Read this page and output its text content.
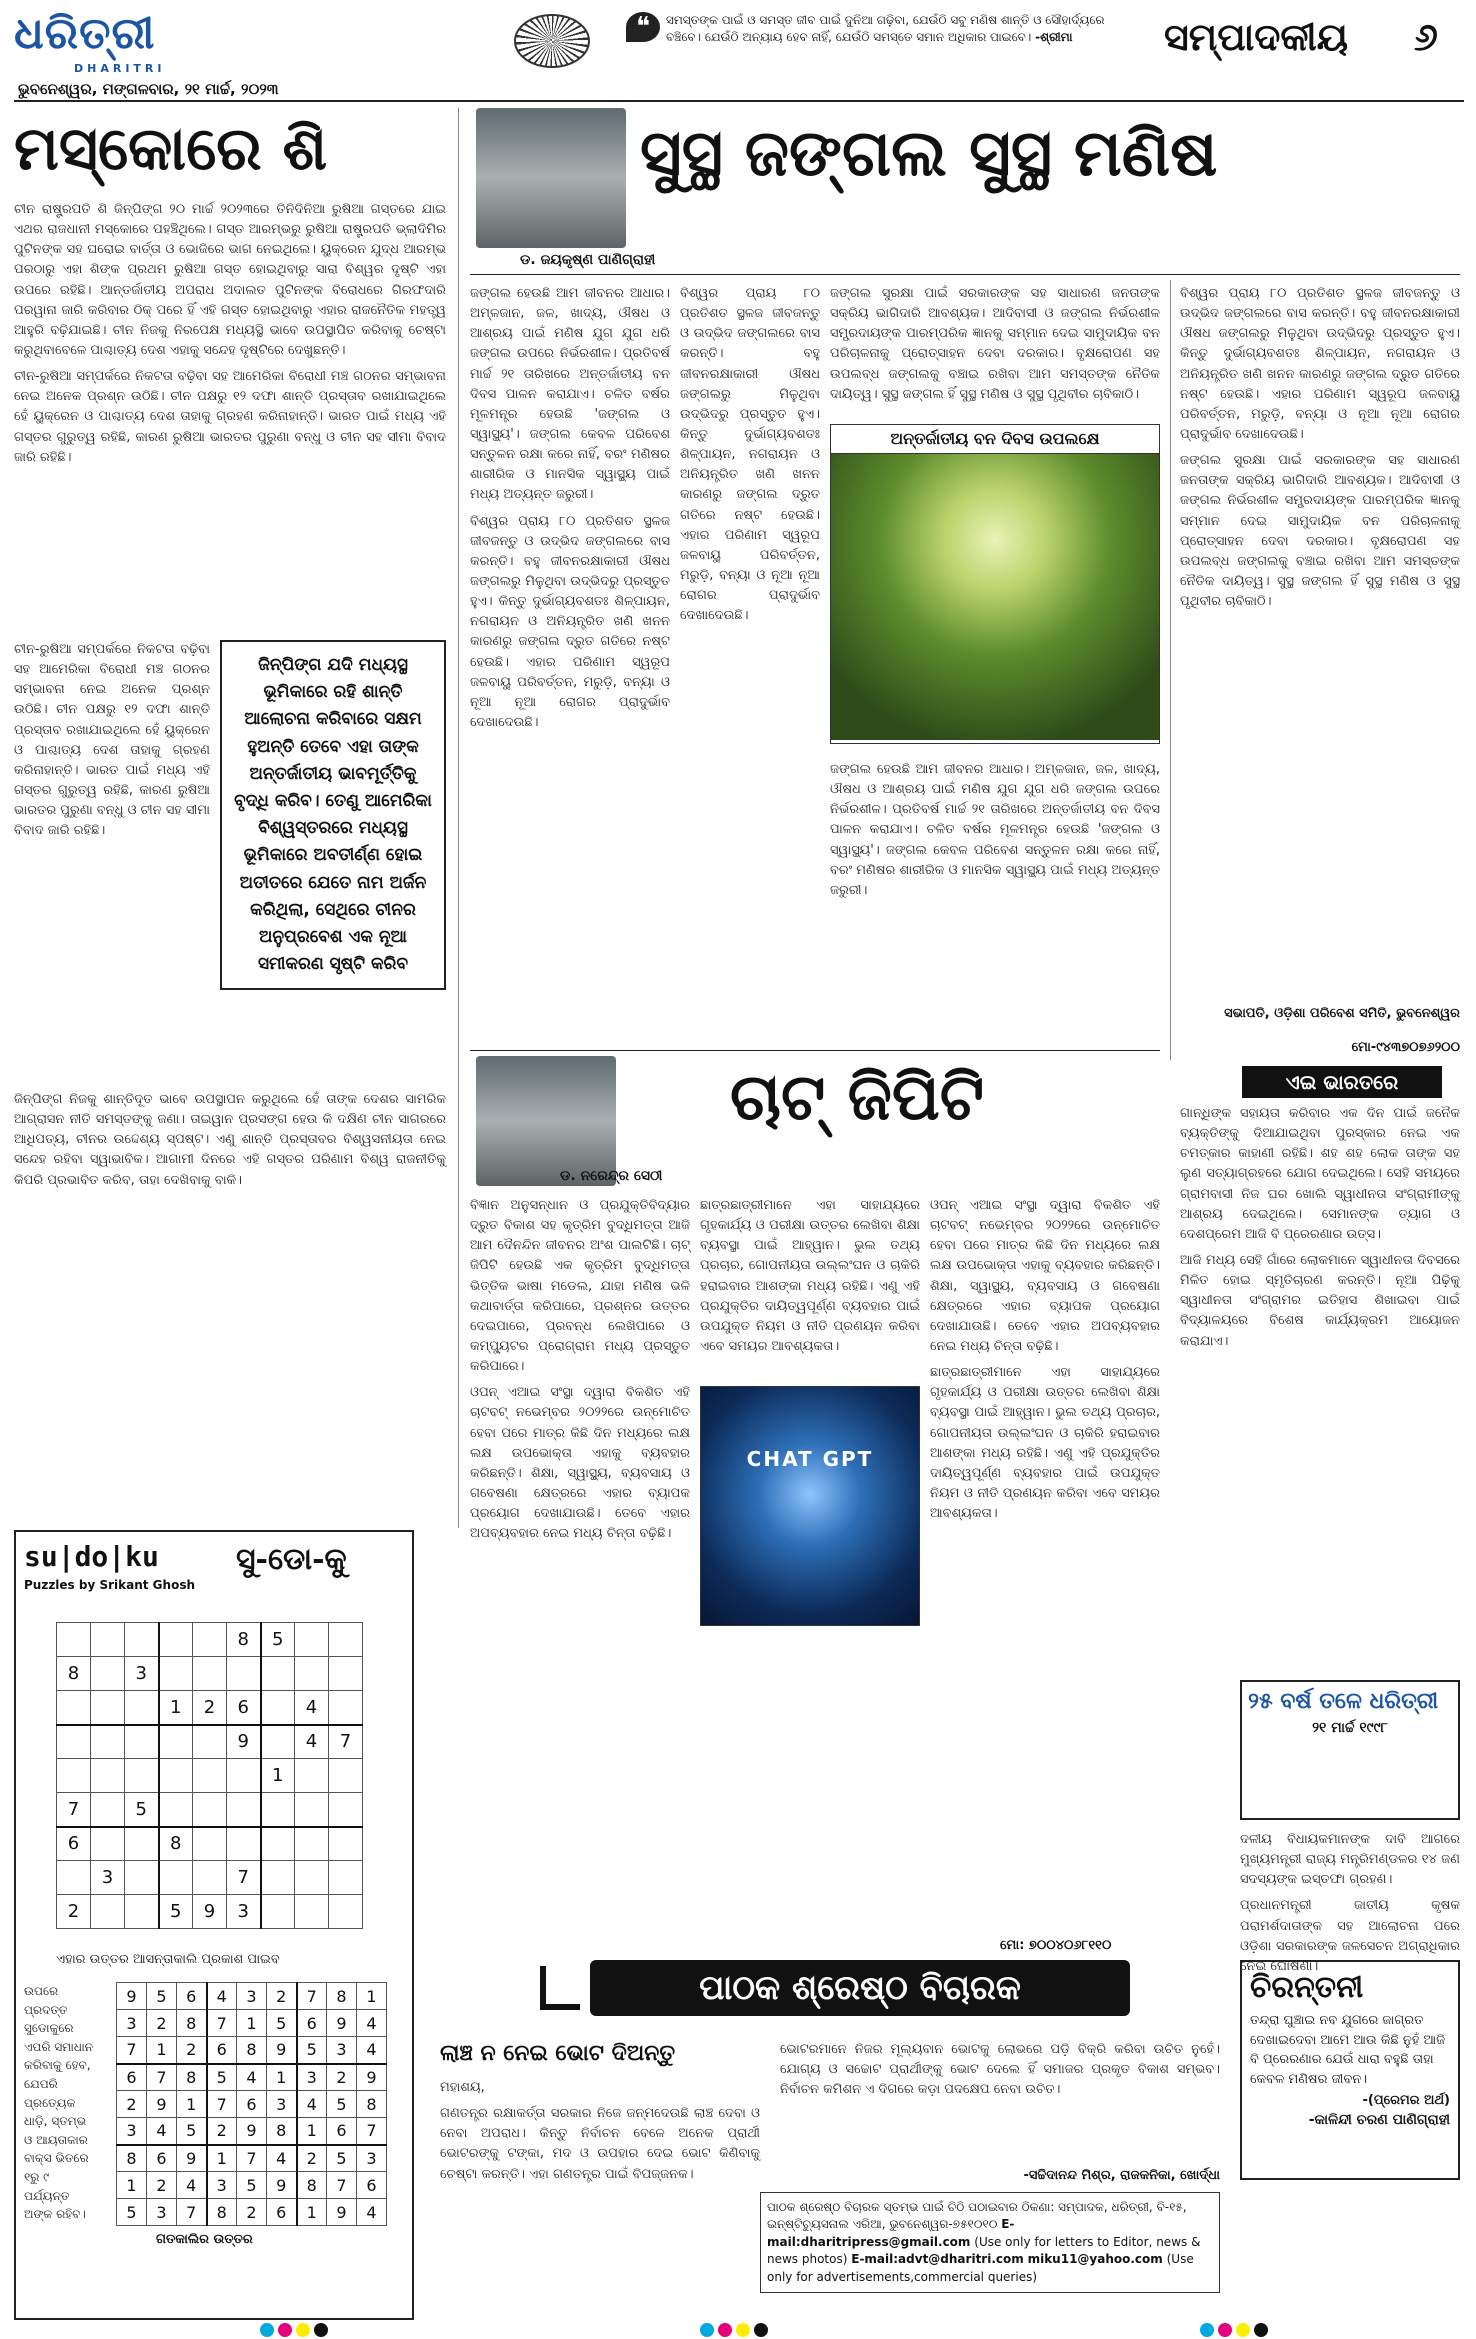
ଧରିତ୍ରୀ
DHARITRI
❝	ସମସ୍ତଙ୍କ ପାଇଁ ଓ ସମସ୍ତ ଜୀବ ପାଇଁ ଦୁନିଆ ଗଢ଼ିବା, ଯେଉଁଠି ସବୁ ମଣିଷ ଶାନ୍ତି ଓ ସୌହାର୍ଦ୍ୟରେ ବଞ୍ଚିବେ। ଯେଉଁଠି ଅନ୍ୟାୟ ହେବ ନାହିଁ, ଯେଉଁଠି ସମସ୍ତେ ସମାନ ଅଧିକାର ପାଇବେ। -ଶ୍ରୀମା	ସମ୍ପାଦକୀୟ ୬
ଭୁବନେଶ୍ୱର, ମଙ୍ଗଳବାର, ୨୧ ମାର୍ଚ୍ଚ, ୨୦୨୩
ମସ୍କୋରେ ଶି

ଚୀନ ରାଷ୍ଟ୍ରପତି ଶି ଜିନ୍‌ପିଙ୍ଗ ୨୦ ମାର୍ଚ୍ଚ ୨୦୨୩ରେ ତିନିଦିନିଆ ରୁଷିଆ ଗସ୍ତରେ ଯାଇ ଏଥର ରାଜଧାନୀ ମସ୍କୋରେ ପହଞ୍ଚିଥିଲେ। ଗସ୍ତ ଆରମ୍ଭରୁ ରୁଷିଆ ରାଷ୍ଟ୍ରପତି ଭ୍ଲାଦିମିର ପୁଟିନଙ୍କ ସହ ଘରୋଇ ବାର୍ତ୍ତା ଓ ଭୋଜିରେ ଭାଗ ନେଇଥିଲେ। ୟୁକ୍ରେନ ଯୁଦ୍ଧ ଆରମ୍ଭ ପରଠାରୁ ଏହା ଶିଙ୍କ ପ୍ରଥମ ରୁଷିଆ ଗସ୍ତ ହୋଇଥିବାରୁ ସାରା ବିଶ୍ୱର ଦୃଷ୍ଟି ଏହା ଉପରେ ରହିଛି। ଆନ୍ତର୍ଜାତୀୟ ଅପରାଧ ଅଦାଲତ ପୁଟିନଙ୍କ ବିରୋଧରେ ଗିରଫଦାରି ପରୱାନା ଜାରି କରିବାର ଠିକ୍ ପରେ ହିଁ ଏହି ଗସ୍ତ ହୋଇଥିବାରୁ ଏହାର ରାଜନୈତିକ ମହତ୍ତ୍ୱ ଆହୁରି ବଢ଼ିଯାଇଛି। ଚୀନ ନିଜକୁ ନିରପେକ୍ଷ ମଧ୍ୟସ୍ଥି ଭାବେ ଉପସ୍ଥାପିତ କରିବାକୁ ଚେଷ୍ଟା କରୁଥିବାବେଳେ ପାଶ୍ଚାତ୍ୟ ଦେଶ ଏହାକୁ ସନ୍ଦେହ ଦୃଷ୍ଟିରେ ଦେଖୁଛନ୍ତି।

ଚୀନ-ରୁଷିଆ ସମ୍ପର୍କରେ ନିକଟତା ବଢ଼ିବା ସହ ଆମେରିକା ବିରୋଧୀ ମଞ୍ଚ ଗଠନର ସମ୍ଭାବନା ନେଇ ଅନେକ ପ୍ରଶ୍ନ ଉଠିଛି। ଚୀନ ପକ୍ଷରୁ ୧୨ ଦଫା ଶାନ୍ତି ପ୍ରସ୍ତାବ ରଖାଯାଇଥିଲେ ହେଁ ୟୁକ୍ରେନ ଓ ପାଶ୍ଚାତ୍ୟ ଦେଶ ତାହାକୁ ଗ୍ରହଣ କରିନାହାନ୍ତି। ଭାରତ ପାଇଁ ମଧ୍ୟ ଏହି ଗସ୍ତର ଗୁରୁତ୍ୱ ରହିଛି, କାରଣ ରୁଷିଆ ଭାରତର ପୁରୁଣା ବନ୍ଧୁ ଓ ଚୀନ ସହ ସୀମା ବିବାଦ ଜାରି ରହିଛି।

ଜିନ୍‌ପିଙ୍ଗ ଯଦି ମଧ୍ୟସ୍ଥ ଭୂମିକାରେ ରହି ଶାନ୍ତି ଆଲୋଚନା କରିବାରେ ସକ୍ଷମ ହୁଅନ୍ତି ତେବେ ଏହା ତାଙ୍କ ଅନ୍ତର୍ଜାତୀୟ ଭାବମୂର୍ତ୍ତିକୁ ବୃଦ୍ଧି କରିବ। ତେଣୁ ଆମେରିକା ବିଶ୍ୱସ୍ତରରେ ମଧ୍ୟସ୍ଥ ଭୂମିକାରେ ଅବତୀର୍ଣ୍ଣ ହୋଇ ଅତୀତରେ ଯେତେ ନାମ ଅର୍ଜନ କରିଥିଲା, ସେଥିରେ ଚୀନର ଅନୁପ୍ରବେଶ ଏକ ନୂଆ ସମୀକରଣ ସୃଷ୍ଟି କରିବ

ଚୀନ-ରୁଷିଆ ସମ୍ପର୍କରେ ନିକଟତା ବଢ଼ିବା ସହ ଆମେରିକା ବିରୋଧୀ ମଞ୍ଚ ଗଠନର ସମ୍ଭାବନା ନେଇ ଅନେକ ପ୍ରଶ୍ନ ଉଠିଛି। ଚୀନ ପକ୍ଷରୁ ୧୨ ଦଫା ଶାନ୍ତି ପ୍ରସ୍ତାବ ରଖାଯାଇଥିଲେ ହେଁ ୟୁକ୍ରେନ ଓ ପାଶ୍ଚାତ୍ୟ ଦେଶ ତାହାକୁ ଗ୍ରହଣ କରିନାହାନ୍ତି। ଭାରତ ପାଇଁ ମଧ୍ୟ ଏହି ଗସ୍ତର ଗୁରୁତ୍ୱ ରହିଛି, କାରଣ ରୁଷିଆ ଭାରତର ପୁରୁଣା ବନ୍ଧୁ ଓ ଚୀନ ସହ ସୀମା ବିବାଦ ଜାରି ରହିଛି।

ଜିନ୍‌ପିଙ୍ଗ ନିଜକୁ ଶାନ୍ତିଦୂତ ଭାବେ ଉପସ୍ଥାପନ କରୁଥିଲେ ହେଁ ତାଙ୍କ ଦେଶର ସାମରିକ ଆଗ୍ରାସନ ନୀତି ସମସ୍ତଙ୍କୁ ଜଣା। ତାଇୱାନ ପ୍ରସଙ୍ଗ ହେଉ କି ଦକ୍ଷିଣ ଚୀନ ସାଗରରେ ଆଧିପତ୍ୟ, ଚୀନର ଉଦ୍ଦେଶ୍ୟ ସ୍ପଷ୍ଟ। ଏଣୁ ଶାନ୍ତି ପ୍ରସ୍ତାବର ବିଶ୍ୱସନୀୟତା ନେଇ ସନ୍ଦେହ ରହିବା ସ୍ୱାଭାବିକ। ଆଗାମୀ ଦିନରେ ଏହି ଗସ୍ତର ପରିଣାମ ବିଶ୍ୱ ରାଜନୀତିକୁ କିପରି ପ୍ରଭାବିତ କରିବ, ତାହା ଦେଖିବାକୁ ବାକି।

ସୁସ୍ଥ ଜଙ୍ଗଲ ସୁସ୍ଥ ମଣିଷ
ଡ. ଜୟକୃଷ୍ଣ ପାଣିଗ୍ରାହୀ

ଜଙ୍ଗଲ ହେଉଛି ଆମ ଜୀବନର ଆଧାର। ଅମ୍ଳଜାନ, ଜଳ, ଖାଦ୍ୟ, ଔଷଧ ଓ ଆଶ୍ରୟ ପାଇଁ ମଣିଷ ଯୁଗ ଯୁଗ ଧରି ଜଙ୍ଗଲ ଉପରେ ନିର୍ଭରଶୀଳ। ପ୍ରତିବର୍ଷ ମାର୍ଚ୍ଚ ୨୧ ତାରିଖରେ ଅନ୍ତର୍ଜାତୀୟ ବନ ଦିବସ ପାଳନ କରାଯାଏ। ଚଳିତ ବର୍ଷର ମୂଳମନ୍ତ୍ର ହେଉଛି 'ଜଙ୍ଗଲ ଓ ସ୍ୱାସ୍ଥ୍ୟ'। ଜଙ୍ଗଲ କେବଳ ପରିବେଶ ସନ୍ତୁଳନ ରକ୍ଷା କରେ ନାହିଁ, ବରଂ ମଣିଷର ଶାରୀରିକ ଓ ମାନସିକ ସ୍ୱାସ୍ଥ୍ୟ ପାଇଁ ମଧ୍ୟ ଅତ୍ୟନ୍ତ ଜରୁରୀ।

ବିଶ୍ୱର ପ୍ରାୟ ୮୦ ପ୍ରତିଶତ ସ୍ଥଳଜ ଜୀବଜନ୍ତୁ ଓ ଉଦ୍ଭିଦ ଜଙ୍ଗଲରେ ବାସ କରନ୍ତି। ବହୁ ଜୀବନରକ୍ଷାକାରୀ ଔଷଧ ଜଙ୍ଗଲରୁ ମିଳୁଥିବା ଉଦ୍ଭିଦରୁ ପ୍ରସ୍ତୁତ ହୁଏ। କିନ୍ତୁ ଦୁର୍ଭାଗ୍ୟବଶତଃ ଶିଳ୍ପାୟନ, ନଗରାୟନ ଓ ଅନିୟନ୍ତ୍ରିତ ଖଣି ଖନନ କାରଣରୁ ଜଙ୍ଗଲ ଦ୍ରୁତ ଗତିରେ ନଷ୍ଟ ହେଉଛି। ଏହାର ପରିଣାମ ସ୍ୱରୂପ ଜଳବାୟୁ ପରିବର୍ତ୍ତନ, ମରୁଡ଼ି, ବନ୍ୟା ଓ ନୂଆ ନୂଆ ରୋଗର ପ୍ରାଦୁର୍ଭାବ ଦେଖାଦେଉଛି।

ଅନ୍ତର୍ଜାତୀୟ ବନ ଦିବସ ଉପଲକ୍ଷେ

ବିଶ୍ୱର ପ୍ରାୟ ୮୦ ପ୍ରତିଶତ ସ୍ଥଳଜ ଜୀବଜନ୍ତୁ ଓ ଉଦ୍ଭିଦ ଜଙ୍ଗଲରେ ବାସ କରନ୍ତି। ବହୁ ଜୀବନରକ୍ଷାକାରୀ ଔଷଧ ଜଙ୍ଗଲରୁ ମିଳୁଥିବା ଉଦ୍ଭିଦରୁ ପ୍ରସ୍ତୁତ ହୁଏ। କିନ୍ତୁ ଦୁର୍ଭାଗ୍ୟବଶତଃ ଶିଳ୍ପାୟନ, ନଗରାୟନ ଓ ଅନିୟନ୍ତ୍ରିତ ଖଣି ଖନନ କାରଣରୁ ଜଙ୍ଗଲ ଦ୍ରୁତ ଗତିରେ ନଷ୍ଟ ହେଉଛି। ଏହାର ପରିଣାମ ସ୍ୱରୂପ ଜଳବାୟୁ ପରିବର୍ତ୍ତନ, ମରୁଡ଼ି, ବନ୍ୟା ଓ ନୂଆ ନୂଆ ରୋଗର ପ୍ରାଦୁର୍ଭାବ ଦେଖାଦେଉଛି।

ଜଙ୍ଗଲ ସୁରକ୍ଷା ପାଇଁ ସରକାରଙ୍କ ସହ ସାଧାରଣ ଜନତାଙ୍କ ସକ୍ରିୟ ଭାଗିଦାରି ଆବଶ୍ୟକ। ଆଦିବାସୀ ଓ ଜଙ୍ଗଲ ନିର୍ଭରଶୀଳ ସମ୍ପ୍ରଦାୟଙ୍କ ପାରମ୍ପରିକ ଜ୍ଞାନକୁ ସମ୍ମାନ ଦେଇ ସାମୁଦାୟିକ ବନ ପରିଚାଳନାକୁ ପ୍ରୋତ୍ସାହନ ଦେବା ଦରକାର। ବୃକ୍ଷରୋପଣ ସହ ଉପଲବ୍ଧ ଜଙ୍ଗଲକୁ ବଞ୍ଚାଇ ରଖିବା ଆମ ସମସ୍ତଙ୍କ ନୈତିକ ଦାୟିତ୍ୱ। ସୁସ୍ଥ ଜଙ୍ଗଲ ହିଁ ସୁସ୍ଥ ମଣିଷ ଓ ସୁସ୍ଥ ପୃଥିବୀର ଚାବିକାଠି।

ଜଙ୍ଗଲ ହେଉଛି ଆମ ଜୀବନର ଆଧାର। ଅମ୍ଳଜାନ, ଜଳ, ଖାଦ୍ୟ, ଔଷଧ ଓ ଆଶ୍ରୟ ପାଇଁ ମଣିଷ ଯୁଗ ଯୁଗ ଧରି ଜଙ୍ଗଲ ଉପରେ ନିର୍ଭରଶୀଳ। ପ୍ରତିବର୍ଷ ମାର୍ଚ୍ଚ ୨୧ ତାରିଖରେ ଅନ୍ତର୍ଜାତୀୟ ବନ ଦିବସ ପାଳନ କରାଯାଏ। ଚଳିତ ବର୍ଷର ମୂଳମନ୍ତ୍ର ହେଉଛି 'ଜଙ୍ଗଲ ଓ ସ୍ୱାସ୍ଥ୍ୟ'। ଜଙ୍ଗଲ କେବଳ ପରିବେଶ ସନ୍ତୁଳନ ରକ୍ଷା କରେ ନାହିଁ, ବରଂ ମଣିଷର ଶାରୀରିକ ଓ ମାନସିକ ସ୍ୱାସ୍ଥ୍ୟ ପାଇଁ ମଧ୍ୟ ଅତ୍ୟନ୍ତ ଜରୁରୀ।

ବିଶ୍ୱର ପ୍ରାୟ ୮୦ ପ୍ରତିଶତ ସ୍ଥଳଜ ଜୀବଜନ୍ତୁ ଓ ଉଦ୍ଭିଦ ଜଙ୍ଗଲରେ ବାସ କରନ୍ତି। ବହୁ ଜୀବନରକ୍ଷାକାରୀ ଔଷଧ ଜଙ୍ଗଲରୁ ମିଳୁଥିବା ଉଦ୍ଭିଦରୁ ପ୍ରସ୍ତୁତ ହୁଏ। କିନ୍ତୁ ଦୁର୍ଭାଗ୍ୟବଶତଃ ଶିଳ୍ପାୟନ, ନଗରାୟନ ଓ ଅନିୟନ୍ତ୍ରିତ ଖଣି ଖନନ କାରଣରୁ ଜଙ୍ଗଲ ଦ୍ରୁତ ଗତିରେ ନଷ୍ଟ ହେଉଛି। ଏହାର ପରିଣାମ ସ୍ୱରୂପ ଜଳବାୟୁ ପରିବର୍ତ୍ତନ, ମରୁଡ଼ି, ବନ୍ୟା ଓ ନୂଆ ନୂଆ ରୋଗର ପ୍ରାଦୁର୍ଭାବ ଦେଖାଦେଉଛି।

ଜଙ୍ଗଲ ସୁରକ୍ଷା ପାଇଁ ସରକାରଙ୍କ ସହ ସାଧାରଣ ଜନତାଙ୍କ ସକ୍ରିୟ ଭାଗିଦାରି ଆବଶ୍ୟକ। ଆଦିବାସୀ ଓ ଜଙ୍ଗଲ ନିର୍ଭରଶୀଳ ସମ୍ପ୍ରଦାୟଙ୍କ ପାରମ୍ପରିକ ଜ୍ଞାନକୁ ସମ୍ମାନ ଦେଇ ସାମୁଦାୟିକ ବନ ପରିଚାଳନାକୁ ପ୍ରୋତ୍ସାହନ ଦେବା ଦରକାର। ବୃକ୍ଷରୋପଣ ସହ ଉପଲବ୍ଧ ଜଙ୍ଗଲକୁ ବଞ୍ଚାଇ ରଖିବା ଆମ ସମସ୍ତଙ୍କ ନୈତିକ ଦାୟିତ୍ୱ। ସୁସ୍ଥ ଜଙ୍ଗଲ ହିଁ ସୁସ୍ଥ ମଣିଷ ଓ ସୁସ୍ଥ ପୃଥିବୀର ଚାବିକାଠି।

ସଭାପତି, ଓଡ଼ିଶା ପରିବେଶ ସମିତି, ଭୁବନେଶ୍ୱର
ମୋ-୯୪୩୭୦୭୬୨୦୦
ଚାଟ୍ ଜିପିଟି
ଡ. ନରେନ୍ଦ୍ର ସେଠୀ

ବିଜ୍ଞାନ ଅନୁସନ୍ଧାନ ଓ ପ୍ରଯୁକ୍ତିବିଦ୍ୟାର ଦ୍ରୁତ ବିକାଶ ସହ କୃତ୍ରିମ ବୁଦ୍ଧିମତ୍ତା ଆଜି ଆମ ଦୈନନ୍ଦିନ ଜୀବନର ଅଂଶ ପାଲଟିଛି। ଚାଟ୍ ଜିପିଟି ହେଉଛି ଏକ କୃତ୍ରିମ ବୁଦ୍ଧିମତ୍ତା ଭିତ୍ତିକ ଭାଷା ମଡେଲ, ଯାହା ମଣିଷ ଭଳି କଥାବାର୍ତ୍ତା କରିପାରେ, ପ୍ରଶ୍ନର ଉତ୍ତର ଦେଇପାରେ, ପ୍ରବନ୍ଧ ଲେଖିପାରେ ଓ କମ୍ପ୍ୟୁଟର ପ୍ରୋଗ୍ରାମ ମଧ୍ୟ ପ୍ରସ୍ତୁତ କରିପାରେ।

ଓପନ୍ ଏଆଇ ସଂସ୍ଥା ଦ୍ୱାରା ବିକଶିତ ଏହି ଚାଟବଟ୍ ନଭେମ୍ବର ୨୦୨୨ରେ ଉନ୍ମୋଚିତ ହେବା ପରେ ମାତ୍ର କିଛି ଦିନ ମଧ୍ୟରେ ଲକ୍ଷ ଲକ୍ଷ ଉପଭୋକ୍ତା ଏହାକୁ ବ୍ୟବହାର କରିଛନ୍ତି। ଶିକ୍ଷା, ସ୍ୱାସ୍ଥ୍ୟ, ବ୍ୟବସାୟ ଓ ଗବେଷଣା କ୍ଷେତ୍ରରେ ଏହାର ବ୍ୟାପକ ପ୍ରୟୋଗ ଦେଖାଯାଉଛି। ତେବେ ଏହାର ଅପବ୍ୟବହାର ନେଇ ମଧ୍ୟ ଚିନ୍ତା ବଢ଼ିଛି।

CHAT GPT

ଛାତ୍ରଛାତ୍ରୀମାନେ ଏହା ସାହାଯ୍ୟରେ ଗୃହକାର୍ଯ୍ୟ ଓ ପରୀକ୍ଷା ଉତ୍ତର ଲେଖିବା ଶିକ୍ଷା ବ୍ୟବସ୍ଥା ପାଇଁ ଆହ୍ୱାନ। ଭୁଲ ତଥ୍ୟ ପ୍ରଚାର, ଗୋପନୀୟତା ଉଲ୍ଲଂଘନ ଓ ଚାକିରି ହରାଇବାର ଆଶଙ୍କା ମଧ୍ୟ ରହିଛି। ଏଣୁ ଏହି ପ୍ରଯୁକ୍ତିର ଦାୟିତ୍ୱପୂର୍ଣ୍ଣ ବ୍ୟବହାର ପାଇଁ ଉପଯୁକ୍ତ ନିୟମ ଓ ନୀତି ପ୍ରଣୟନ କରିବା ଏବେ ସମୟର ଆବଶ୍ୟକତା।

ଓପନ୍ ଏଆଇ ସଂସ୍ଥା ଦ୍ୱାରା ବିକଶିତ ଏହି ଚାଟବଟ୍ ନଭେମ୍ବର ୨୦୨୨ରେ ଉନ୍ମୋଚିତ ହେବା ପରେ ମାତ୍ର କିଛି ଦିନ ମଧ୍ୟରେ ଲକ୍ଷ ଲକ୍ଷ ଉପଭୋକ୍ତା ଏହାକୁ ବ୍ୟବହାର କରିଛନ୍ତି। ଶିକ୍ଷା, ସ୍ୱାସ୍ଥ୍ୟ, ବ୍ୟବସାୟ ଓ ଗବେଷଣା କ୍ଷେତ୍ରରେ ଏହାର ବ୍ୟାପକ ପ୍ରୟୋଗ ଦେଖାଯାଉଛି। ତେବେ ଏହାର ଅପବ୍ୟବହାର ନେଇ ମଧ୍ୟ ଚିନ୍ତା ବଢ଼ିଛି।

ଛାତ୍ରଛାତ୍ରୀମାନେ ଏହା ସାହାଯ୍ୟରେ ଗୃହକାର୍ଯ୍ୟ ଓ ପରୀକ୍ଷା ଉତ୍ତର ଲେଖିବା ଶିକ୍ଷା ବ୍ୟବସ୍ଥା ପାଇଁ ଆହ୍ୱାନ। ଭୁଲ ତଥ୍ୟ ପ୍ରଚାର, ଗୋପନୀୟତା ଉଲ୍ଲଂଘନ ଓ ଚାକିରି ହରାଇବାର ଆଶଙ୍କା ମଧ୍ୟ ରହିଛି। ଏଣୁ ଏହି ପ୍ରଯୁକ୍ତିର ଦାୟିତ୍ୱପୂର୍ଣ୍ଣ ବ୍ୟବହାର ପାଇଁ ଉପଯୁକ୍ତ ନିୟମ ଓ ନୀତି ପ୍ରଣୟନ କରିବା ଏବେ ସମୟର ଆବଶ୍ୟକତା।

ମୋ: ୭୦୦୪୦୬୮୧୧୦
ଏଇ ଭାରତରେ

ଗାନ୍ଧିଙ୍କ ସହାୟତା କରିବାର ଏକ ଦିନ ପାଇଁ ଜନୈକ ବ୍ୟକ୍ତିଙ୍କୁ ଦିଆଯାଇଥିବା ପୁରସ୍କାର ନେଇ ଏକ ଚମତ୍କାର କାହାଣୀ ରହିଛି। ଶହ ଶହ ଲୋକ ତାଙ୍କ ସହ ଲୁଣ ସତ୍ୟାଗ୍ରହରେ ଯୋଗ ଦେଇଥିଲେ। ସେହି ସମୟରେ ଗ୍ରାମବାସୀ ନିଜ ଘର ଖୋଲି ସ୍ୱାଧୀନତା ସଂଗ୍ରାମୀଙ୍କୁ ଆଶ୍ରୟ ଦେଇଥିଲେ। ସେମାନଙ୍କ ତ୍ୟାଗ ଓ ଦେଶପ୍ରେମ ଆଜି ବି ପ୍ରେରଣାର ଉତ୍ସ।

ଆଜି ମଧ୍ୟ ସେହି ଗାଁରେ ଲୋକମାନେ ସ୍ୱାଧୀନତା ଦିବସରେ ମିଳିତ ହୋଇ ସ୍ମୃତିଚାରଣ କରନ୍ତି। ନୂଆ ପିଢ଼ିକୁ ସ୍ୱାଧୀନତା ସଂଗ୍ରାମର ଇତିହାସ ଶିଖାଇବା ପାଇଁ ବିଦ୍ୟାଳୟରେ ବିଶେଷ କାର୍ଯ୍ୟକ୍ରମ ଆୟୋଜନ କରାଯାଏ।

୨୫ ବର୍ଷ ତଳେ ଧରିତ୍ରୀ
୨୧ ମାର୍ଚ୍ଚ ୧୯୯୮

ଦଳୀୟ ବିଧାୟକମାନଙ୍କ ଦାବି ଆଗରେ ମୁଖ୍ୟମନ୍ତ୍ରୀ ରାଜ୍ୟ ମନ୍ତ୍ରିମଣ୍ଡଳର ୧୪ ଜଣ ସଦସ୍ୟଙ୍କ ଇସ୍ତଫା ଗ୍ରହଣ।

ପ୍ରଧାନମନ୍ତ୍ରୀ ଜାତୀୟ କୃଷକ ପରାମର୍ଶଦାତାଙ୍କ ସହ ଆଲୋଚନା ପରେ ଓଡ଼ିଶା ସରକାରଙ୍କ ଜଳସେଚନ ଅଗ୍ରାଧିକାର ନେଇ ଘୋଷଣା।

ଚିରନ୍ତନୀ
ତନ୍ଦ୍ରା ଘୁଞ୍ଚାଇ ନବ ଯୁଗରେ ଜାଗ୍ରତ ଦେଖାଇଦେବା ଆମେ ଆଉ କିଛି ନୁହଁ ଆଜି ବି ପ୍ରେରଣାର ଯେଉଁ ଧାରା ବହୁଛି ତାହା କେବଳ ମଣିଷର ଜୀବନ।
-(ପ୍ରେମର ଅର୍ଥ)
-କାଳିନ୍ଦୀ ଚରଣ ପାଣିଗ୍ରାହୀ
su|do|ku
Puzzles by Srikant Ghosh
ସୁ-ଡୋ-କୁ
					8	5		
8		3						
			1	2	6		4	
					9		4	7
						1		
7		5						
6			8					
	3				7			
2			5	9	3			
ଏହାର ଉତ୍ତର ଆସନ୍ତାକାଲି ପ୍ରକାଶ ପାଇବ
ଉପରେ ପ୍ରଦତ୍ତ ସୁଡୋକୁରେ ଏପରି ସମାଧାନ କରିବାକୁ ହେବ, ଯେପରି ପ୍ରତ୍ୟେକ ଧାଡ଼ି, ସ୍ତମ୍ଭ ଓ ଆୟତାକାର ବାକ୍ସ ଭିତରେ ୧ରୁ ୯ ପର୍ଯ୍ୟନ୍ତ ଅଙ୍କ ରହିବ।
9	5	6	4	3	2	7	8	1
3	2	8	7	1	5	6	9	4
7	1	2	6	8	9	5	3	4
6	7	8	5	4	1	3	2	9
2	9	1	7	6	3	4	5	8
3	4	5	2	9	8	1	6	7
8	6	9	1	7	4	2	5	3
1	2	4	3	5	9	8	7	6
5	3	7	8	2	6	1	9	4
ଗତକାଲିର ଉତ୍ତର
ପାଠକ ଶ୍ରେଷ୍ଠ ବିଚାରକ
ଲାଞ୍ଚ ନ ନେଇ ଭୋଟ ଦିଅନ୍ତୁ

ମହାଶୟ,

ଗଣତନ୍ତ୍ର ରକ୍ଷାକର୍ତ୍ତା ସରକାର ନିଜେ ଜନ୍ମଦେଉଛି ଲାଞ୍ଚ ଦେବା ଓ ନେବା ଅପରାଧ। କିନ୍ତୁ ନିର୍ବାଚନ ବେଳେ ଅନେକ ପ୍ରାର୍ଥୀ ଭୋଟରଙ୍କୁ ଟଙ୍କା, ମଦ ଓ ଉପହାର ଦେଇ ଭୋଟ କିଣିବାକୁ ଚେଷ୍ଟା କରନ୍ତି। ଏହା ଗଣତନ୍ତ୍ର ପାଇଁ ବିପଜ୍ଜନକ।

ଭୋଟରମାନେ ନିଜର ମୂଲ୍ୟବାନ ଭୋଟକୁ ଲୋଭରେ ପଡ଼ି ବିକ୍ରି କରିବା ଉଚିତ ନୁହେଁ। ଯୋଗ୍ୟ ଓ ସଚ୍ଚୋଟ ପ୍ରାର୍ଥୀଙ୍କୁ ଭୋଟ ଦେଲେ ହିଁ ସମାଜର ପ୍ରକୃତ ବିକାଶ ସମ୍ଭବ। ନିର୍ବାଚନ କମିଶନ ଏ ଦିଗରେ କଡ଼ା ପଦକ୍ଷେପ ନେବା ଉଚିତ।

-ସଚ୍ଚିଦାନନ୍ଦ ମିଶ୍ର, ରାଜକନିକା, ଖୋର୍ଦ୍ଧା
ପାଠକ ଶ୍ରେଷ୍ଠ ବିଚାରକ ସ୍ତମ୍ଭ ପାଇଁ ଚିଠି ପଠାଇବାର ଠିକଣା: ସମ୍ପାଦକ, ଧରିତ୍ରୀ, ବି-୧୫, ଇନ୍‌ଷ୍ଟିଚ୍ୟୁସନାଲ ଏରିଆ, ଭୁବନେଶ୍ୱର-୭୫୧୦୧୦ E-mail:dharitripress@gmail.com (Use only for letters to Editor, news & news photos) E-mail:advt@dharitri.com miku11@yahoo.com (Use only for advertisements,commercial queries)
